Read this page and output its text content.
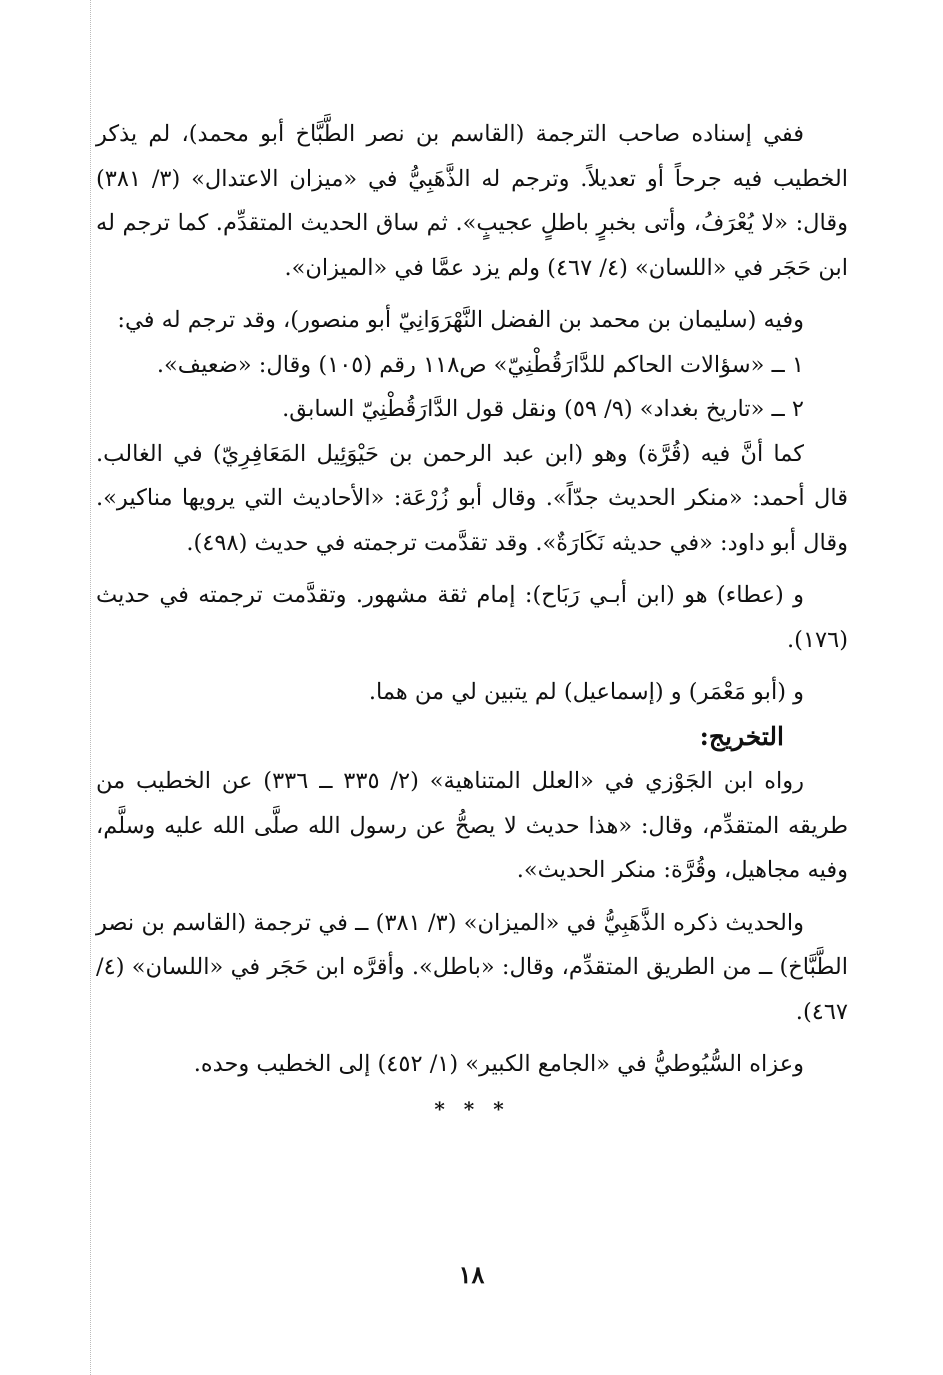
ففي إسناده صاحب الترجمة (القاسم بن نصر الطَّبَّاخ أبو محمد)، لم يذكر الخطيب فيه جرحاً أو تعديلاً. وترجم له الذَّهَبِيُّ في «ميزان الاعتدال» (٣/ ٣٨١) وقال: «لا يُعْرَفُ، وأتى بخبرٍ باطلٍ عجيبٍ». ثم ساق الحديث المتقدِّم. كما ترجم له ابن حَجَر في «اللسان» (٤/ ٤٦٧) ولم يزد عمَّا في «الميزان».

وفيه (سليمان بن محمد بن الفضل النَّهْرَوَانِيّ أبو منصور)، وقد ترجم له في:

١ ــ «سؤالات الحاكم للدَّارَقُطْنِيّ» ص١١٨ رقم (١٠٥) وقال: «ضعيف».

٢ ــ «تاريخ بغداد» (٩/ ٥٩) ونقل قول الدَّارَقُطْنِيّ السابق.

كما أنَّ فيه (قُرَّة) وهو (ابن عبد الرحمن بن حَيْوَئِيل المَعَافِرِيّ) في الغالب. قال أحمد: «منكر الحديث جدّاً». وقال أبو زُرْعَة: «الأحاديث التي يرويها مناكير». وقال أبو داود: «في حديثه نَكَارَةٌ». وقد تقدَّمت ترجمته في حديث (٤٩٨).

و (عطاء) هو (ابن أبـي رَبَاح): إمام ثقة مشهور. وتقدَّمت ترجمته في حديث (١٧٦).

و (أبو مَعْمَر) و (إسماعيل) لم يتبين لي من هما.

التخريج:

رواه ابن الجَوْزي في «العلل المتناهية» (٢/ ٣٣٥ ــ ٣٣٦) عن الخطيب من طريقه المتقدِّم، وقال: «هذا حديث لا يصحُّ عن رسول الله صلَّى الله عليه وسلَّم، وفيه مجاهيل، وقُرَّة: منكر الحديث».

والحديث ذكره الذَّهَبِيُّ في «الميزان» (٣/ ٣٨١) ــ في ترجمة (القاسم بن نصر الطَّبَّاخ) ــ من الطريق المتقدِّم، وقال: «باطل». وأقرَّه ابن حَجَر في «اللسان» (٤/ ٤٦٧).

وعزاه السُّيُوطيُّ في «الجامع الكبير» (١/ ٤٥٢) إلى الخطيب وحده.

* * *

١٨
